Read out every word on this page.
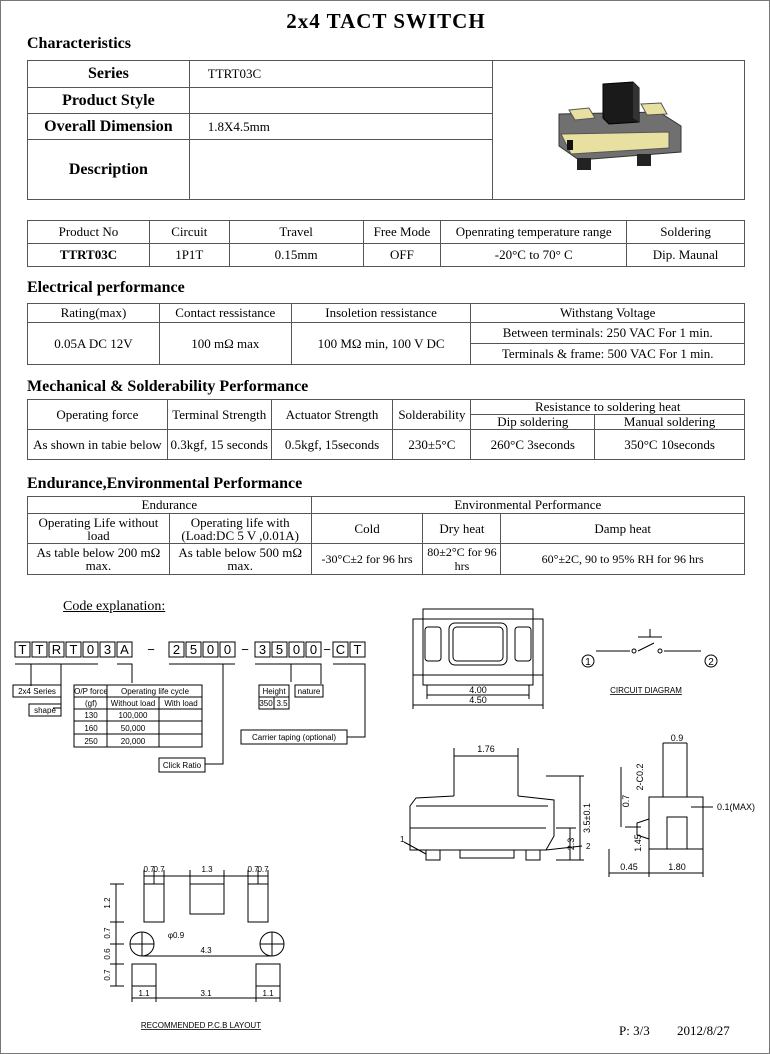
2x4 TACT SWITCH
Characteristics
Series	TTRT03C	
Product Style		
Overall Dimension	1.8X4.5mm	
Description		
Product No	Circuit	Travel	Free Mode	Openrating temperature range	Soldering
TTRT03C	1P1T	0.15mm	OFF	-20°C to 70° C	Dip. Maunal
Electrical performance
Rating(max)	Contact ressistance	Insoletion ressistance	Withstang Voltage
0.05A DC 12V	100 mΩ max	100 MΩ min, 100 V DC	Between terminals: 250 VAC For 1 min.
			Terminals & frame: 500 VAC For 1 min.
Mechanical & Solderability Performance
Operating force	Terminal Strength	Actuator Strength	Solderability	Resistance to soldering heat	
				Dip soldering	Manual soldering
As shown in tabie below	0.3kgf, 15 seconds	0.5kgf, 15seconds	230±5°C	260°C 3seconds	350°C 10seconds
Endurance,Environmental Performance
Endurance		Environmental Performance		
Operating Life without load	Operating life with (Load:DC 5 V ,0.01A)	Cold	Dry heat	Damp heat
As table below 200 mΩ max.	As table below 500 mΩ max.	-30°C±2 for 96 hrs	80±2°C for 96 hrs	60°±2C, 90 to 95% RH for 96 hrs
Code explanation:
T T R T 0 3 A − 2 5 0 0 − 3 5 0 0 − C T
2x4 Series
shape
O/P force
(gf)
Operating life cycle
Without load With load
130	100,000
160	50,000
250	20,000
Click Ratio
Height
350 3.5
nature
Carrier taping (optional)
4.00
4.50
1	2
CIRCUIT DIAGRAM
1.76
2.3
3.5±0.1
1
2
0.9
2-C0.2
0.7	0.1(MAX)
1.45
0.45	1.80
0.7
0.7	1.3	0.7
0.7
1.2
0.7
0.6
0.7
φ0.9
4.3
1.1	3.1	1.1
RECOMMENDED P.C.B LAYOUT	P: 3/3 2012/8/27
